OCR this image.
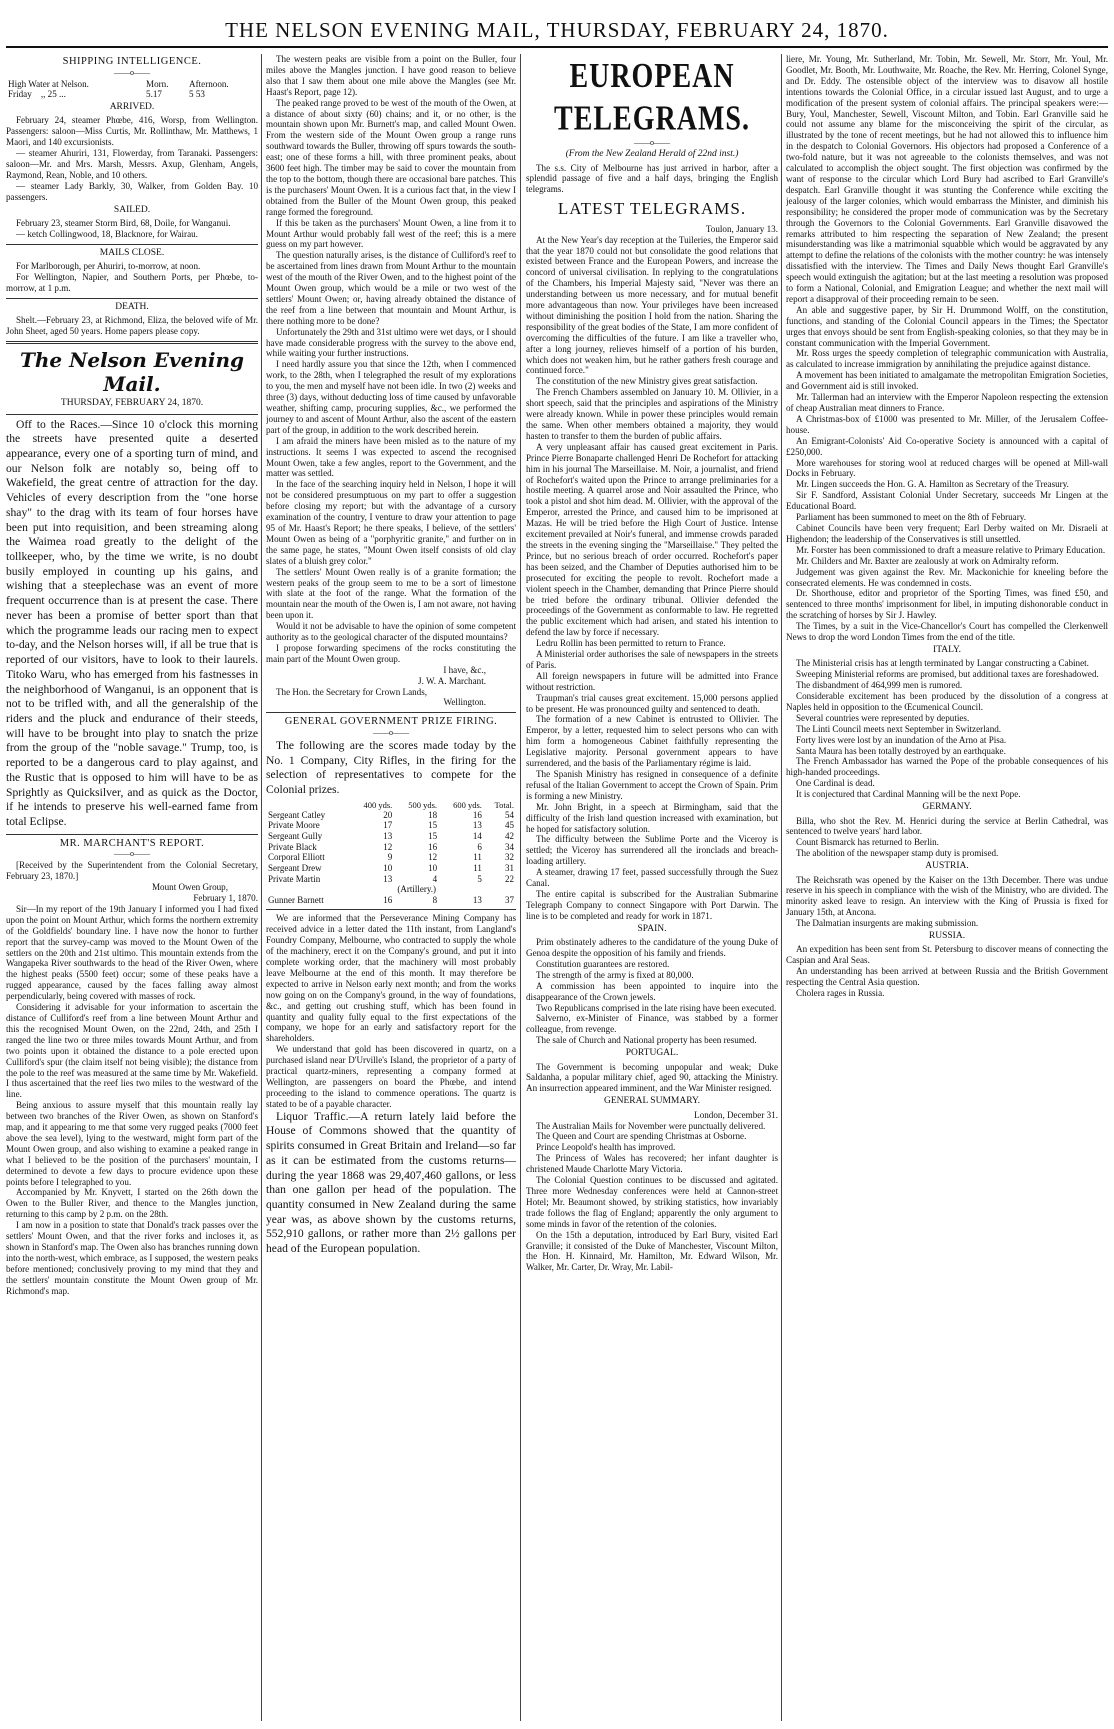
THE NELSON EVENING MAIL, THURSDAY, FEBRUARY 24, 1870.
SHIPPING INTELLIGENCE.
——o——
High Water at Nelson.	Morn.	Afternoon.
Friday ,, 25 ...	5.17	5 53
ARRIVED.

February 24, steamer Phœbe, 416, Worsp, from Wellington. Passengers: saloon—Miss Curtis, Mr. Rollinthaw, Mr. Matthews, 1 Maori, and 140 excursionists.

— steamer Ahuriri, 131, Flowerday, from Taranaki. Passengers: saloon—Mr. and Mrs. Marsh, Messrs. Axup, Glenham, Angels, Raymond, Rean, Noble, and 10 others.

— steamer Lady Barkly, 30, Walker, from Golden Bay. 10 passengers.

SAILED.

February 23, steamer Storm Bird, 68, Doile, for Wanganui.

— ketch Collingwood, 18, Blacknore, for Wairau.

MAILS CLOSE.

For Marlborough, per Ahuriri, to-morrow, at noon.

For Wellington, Napier, and Southern Ports, per Phœbe, to-morrow, at 1 p.m.

DEATH.

Shelt.—February 23, at Richmond, Eliza, the beloved wife of Mr. John Sheet, aged 50 years. Home papers please copy.

The Nelson Evening Mail.
THURSDAY, FEBRUARY 24, 1870.

Off to the Races.—Since 10 o'clock this morning the streets have presented quite a deserted appearance, every one of a sporting turn of mind, and our Nelson folk are notably so, being off to Wakefield, the great centre of attraction for the day. Vehicles of every description from the "one horse shay" to the drag with its team of four horses have been put into requisition, and been streaming along the Waimea road greatly to the delight of the tollkeeper, who, by the time we write, is no doubt busily employed in counting up his gains, and wishing that a steeplechase was an event of more frequent occurrence than is at present the case. There never has been a promise of better sport than that which the programme leads our racing men to expect to-day, and the Nelson horses will, if all be true that is reported of our visitors, have to look to their laurels. Titoko Waru, who has emerged from his fastnesses in the neighborhood of Wanganui, is an opponent that is not to be trifled with, and all the generalship of the riders and the pluck and endurance of their steeds, will have to be brought into play to snatch the prize from the group of the "noble savage." Trump, too, is reported to be a dangerous card to play against, and the Rustic that is opposed to him will have to be as Sprightly as Quicksilver, and as quick as the Doctor, if he intends to preserve his well-earned fame from total Eclipse.

MR. MARCHANT'S REPORT.
——o——

[Received by the Superintendent from the Colonial Secretary, February 23, 1870.]

Mount Owen Group,
February 1, 1870.

Sir—In my report of the 19th January I informed you I had fixed upon the point on Mount Arthur, which forms the northern extremity of the Goldfields' boundary line. I have now the honor to further report that the survey-camp was moved to the Mount Owen of the settlers on the 20th and 21st ultimo. This mountain extends from the Wangapeka River southwards to the head of the River Owen, where the highest peaks (5500 feet) occur; some of these peaks have a rugged appearance, caused by the faces falling away almost perpendicularly, being covered with masses of rock.

Considering it advisable for your information to ascertain the distance of Culliford's reef from a line between Mount Arthur and this the recognised Mount Owen, on the 22nd, 24th, and 25th I ranged the line two or three miles towards Mount Arthur, and from two points upon it obtained the distance to a pole erected upon Culliford's spur (the claim itself not being visible); the distance from the pole to the reef was measured at the same time by Mr. Wakefield. I thus ascertained that the reef lies two miles to the westward of the line.

Being anxious to assure myself that this mountain really lay between two branches of the River Owen, as shown on Stanford's map, and it appearing to me that some very rugged peaks (7000 feet above the sea level), lying to the westward, might form part of the Mount Owen group, and also wishing to examine a peaked range in what I believed to be the position of the purchasers' mountain, I determined to devote a few days to procure evidence upon these points before I telegraphed to you.

Accompanied by Mr. Knyvett, I started on the 26th down the Owen to the Buller River, and thence to the Mangles junction, returning to this camp by 2 p.m. on the 28th.

I am now in a position to state that Donald's track passes over the settlers' Mount Owen, and that the river forks and incloses it, as shown in Stanford's map. The Owen also has branches running down into the north-west, which embrace, as I supposed, the western peaks before mentioned; conclusively proving to my mind that they and the settlers' mountain constitute the Mount Owen group of Mr. Richmond's map.

The western peaks are visible from a point on the Buller, four miles above the Mangles junction. I have good reason to believe also that I saw them about one mile above the Mangles (see Mr. Haast's Report, page 12).

The peaked range proved to be west of the mouth of the Owen, at a distance of about sixty (60) chains; and it, or no other, is the mountain shown upon Mr. Burnett's map, and called Mount Owen. From the western side of the Mount Owen group a range runs southward towards the Buller, throwing off spurs towards the south-east; one of these forms a hill, with three prominent peaks, about 3600 feet high. The timber may be said to cover the mountain from the top to the bottom, though there are occasional bare patches. This is the purchasers' Mount Owen. It is a curious fact that, in the view I obtained from the Buller of the Mount Owen group, this peaked range formed the foreground.

If this be taken as the purchasers' Mount Owen, a line from it to Mount Arthur would probably fall west of the reef; this is a mere guess on my part however.

The question naturally arises, is the distance of Culliford's reef to be ascertained from lines drawn from Mount Arthur to the mountain west of the mouth of the River Owen, and to the highest point of the Mount Owen group, which would be a mile or two west of the settlers' Mount Owen; or, having already obtained the distance of the reef from a line between that mountain and Mount Arthur, is there nothing more to be done?

Unfortunately the 29th and 31st ultimo were wet days, or I should have made considerable progress with the survey to the above end, while waiting your further instructions.

I need hardly assure you that since the 12th, when I commenced work, to the 28th, when I telegraphed the result of my explorations to you, the men and myself have not been idle. In two (2) weeks and three (3) days, without deducting loss of time caused by unfavorable weather, shifting camp, procuring supplies, &c., we performed the journey to and ascent of Mount Arthur, also the ascent of the eastern part of the group, in addition to the work described herein.

I am afraid the miners have been misled as to the nature of my instructions. It seems I was expected to ascend the recognised Mount Owen, take a few angles, report to the Government, and the matter was settled.

In the face of the searching inquiry held in Nelson, I hope it will not be considered presumptuous on my part to offer a suggestion before closing my report; but with the advantage of a cursory examination of the country, I venture to draw your attention to page 95 of Mr. Haast's Report; he there speaks, I believe, of the settlers' Mount Owen as being of a "porphyritic granite," and further on in the same page, he states, "Mount Owen itself consists of old clay slates of a bluish grey color."

The settlers' Mount Owen really is of a granite formation; the western peaks of the group seem to me to be a sort of limestone with slate at the foot of the range. What the formation of the mountain near the mouth of the Owen is, I am not aware, not having been upon it.

Would it not be advisable to have the opinion of some competent authority as to the geological character of the disputed mountains?

I propose forwarding specimens of the rocks constituting the main part of the Mount Owen group.

I have, &c.,
J. W. A. Marchant.

The Hon. the Secretary for Crown Lands,

Wellington.
GENERAL GOVERNMENT PRIZE FIRING.
——o——

The following are the scores made today by the No. 1 Company, City Rifles, in the firing for the selection of representatives to compete for the Colonial prizes.

	400 yds.	500 yds.	600 yds.	Total.
Sergeant Catley	20	18	16	54
Private Moore	17	15	13	45
Sergeant Gully	13	15	14	42
Private Black	12	16	6	34
Corporal Elliott	9	12	11	32
Sergeant Drew	10	10	11	31
Private Martin	13	4	5	22
	(Artillery.)			
Gunner Barnett	16	8	13	37

We are informed that the Perseverance Mining Company has received advice in a letter dated the 11th instant, from Langland's Foundry Company, Melbourne, who contracted to supply the whole of the machinery, erect it on the Company's ground, and put it into complete working order, that the machinery will most probably leave Melbourne at the end of this month. It may therefore be expected to arrive in Nelson early next month; and from the works now going on on the Company's ground, in the way of foundations, &c., and getting out crushing stuff, which has been found in quantity and quality fully equal to the first expectations of the company, we hope for an early and satisfactory report for the shareholders.

We understand that gold has been discovered in quartz, on a purchased island near D'Urville's Island, the proprietor of a party of practical quartz-miners, representing a company formed at Wellington, are passengers on board the Phœbe, and intend proceeding to the island to commence operations. The quartz is stated to be of a payable character.

Liquor Traffic.—A return lately laid before the House of Commons showed that the quantity of spirits consumed in Great Britain and Ireland—so far as it can be estimated from the customs returns—during the year 1868 was 29,407,460 gallons, or less than one gallon per head of the population. The quantity consumed in New Zealand during the same year was, as above shown by the customs returns, 552,910 gallons, or rather more than 2½ gallons per head of the European population.

EUROPEAN TELEGRAMS.
——o——
(From the New Zealand Herald of 22nd inst.)

The s.s. City of Melbourne has just arrived in harbor, after a splendid passage of five and a half days, bringing the English telegrams.

LATEST TELEGRAMS.
Toulon, January 13.

At the New Year's day reception at the Tuileries, the Emperor said that the year 1870 could not but consolidate the good relations that existed between France and the European Powers, and increase the concord of universal civilisation. In replying to the congratulations of the Chambers, his Imperial Majesty said, "Never was there an understanding between us more necessary, and for mutual benefit more advantageous than now. Your privileges have been increased without diminishing the position I hold from the nation. Sharing the responsibility of the great bodies of the State, I am more confident of overcoming the difficulties of the future. I am like a traveller who, after a long journey, relieves himself of a portion of his burden, which does not weaken him, but he rather gathers fresh courage and continued force."

The constitution of the new Ministry gives great satisfaction.

The French Chambers assembled on January 10. M. Ollivier, in a short speech, said that the principles and aspirations of the Ministry were already known. While in power these principles would remain the same. When other members obtained a majority, they would hasten to transfer to them the burden of public affairs.

A very unpleasant affair has caused great excitement in Paris. Prince Pierre Bonaparte challenged Henri De Rochefort for attacking him in his journal The Marseillaise. M. Noir, a journalist, and friend of Rochefort's waited upon the Prince to arrange preliminaries for a hostile meeting. A quarrel arose and Noir assaulted the Prince, who took a pistol and shot him dead. M. Ollivier, with the approval of the Emperor, arrested the Prince, and caused him to be imprisoned at Mazas. He will be tried before the High Court of Justice. Intense excitement prevailed at Noir's funeral, and immense crowds paraded the streets in the evening singing the "Marseillaise." They pelted the Prince, but no serious breach of order occurred. Rochefort's paper has been seized, and the Chamber of Deputies authorised him to be prosecuted for exciting the people to revolt. Rochefort made a violent speech in the Chamber, demanding that Prince Pierre should be tried before the ordinary tribunal. Ollivier defended the proceedings of the Government as conformable to law. He regretted the public excitement which had arisen, and stated his intention to defend the law by force if necessary.

Ledru Rollin has been permitted to return to France.

A Ministerial order authorises the sale of newspapers in the streets of Paris.

All foreign newspapers in future will be admitted into France without restriction.

Traupman's trial causes great excitement. 15,000 persons applied to be present. He was pronounced guilty and sentenced to death.

The formation of a new Cabinet is entrusted to Ollivier. The Emperor, by a letter, requested him to select persons who can with him form a homogeneous Cabinet faithfully representing the Legislative majority. Personal government appears to have surrendered, and the basis of the Parliamentary régime is laid.

The Spanish Ministry has resigned in consequence of a definite refusal of the Italian Government to accept the Crown of Spain. Prim is forming a new Ministry.

Mr. John Bright, in a speech at Birmingham, said that the difficulty of the Irish land question increased with examination, but he hoped for satisfactory solution.

The difficulty between the Sublime Porte and the Viceroy is settled; the Viceroy has surrendered all the ironclads and breach-loading artillery.

A steamer, drawing 17 feet, passed successfully through the Suez Canal.

The entire capital is subscribed for the Australian Submarine Telegraph Company to connect Singapore with Port Darwin. The line is to be completed and ready for work in 1871.

SPAIN.

Prim obstinately adheres to the candidature of the young Duke of Genoa despite the opposition of his family and friends.

Constitution guarantees are restored.

The strength of the army is fixed at 80,000.

A commission has been appointed to inquire into the disappearance of the Crown jewels.

Two Republicans comprised in the late rising have been executed.

Salverno, ex-Minister of Finance, was stabbed by a former colleague, from revenge.

The sale of Church and National property has been resumed.

PORTUGAL.

The Government is becoming unpopular and weak; Duke Saldanha, a popular military chief, aged 90, attacking the Ministry. An insurrection appeared imminent, and the War Minister resigned.

GENERAL SUMMARY.
London, December 31.

The Australian Mails for November were punctually delivered.

The Queen and Court are spending Christmas at Osborne.

Prince Leopold's health has improved.

The Princess of Wales has recovered; her infant daughter is christened Maude Charlotte Mary Victoria.

The Colonial Question continues to be discussed and agitated. Three more Wednesday conferences were held at Cannon-street Hotel; Mr. Beaumont showed, by striking statistics, how invariably trade follows the flag of England; apparently the only argument to some minds in favor of the retention of the colonies.

On the 15th a deputation, introduced by Earl Bury, visited Earl Granville; it consisted of the Duke of Manchester, Viscount Milton, the Hon. H. Kinnaird, Mr. Hamilton, Mr. Edward Wilson, Mr. Walker, Mr. Carter, Dr. Wray, Mr. Labil-

liere, Mr. Young, Mr. Sutherland, Mr. Tobin, Mr. Sewell, Mr. Storr, Mr. Youl, Mr. Goodlet, Mr. Booth, Mr. Louthwaite, Mr. Roache, the Rev. Mr. Herring, Colonel Synge, and Dr. Eddy. The ostensible object of the interview was to disavow all hostile intentions towards the Colonial Office, in a circular issued last August, and to urge a modification of the present system of colonial affairs. The principal speakers were:—Bury, Youl, Manchester, Sewell, Viscount Milton, and Tobin. Earl Granville said he could not assume any blame for the misconceiving the spirit of the circular, as illustrated by the tone of recent meetings, but he had not allowed this to influence him in the despatch to Colonial Governors. His objectors had proposed a Conference of a two-fold nature, but it was not agreeable to the colonists themselves, and was not calculated to accomplish the object sought. The first objection was confirmed by the want of response to the circular which Lord Bury had ascribed to Earl Granville's despatch. Earl Granville thought it was stunting the Conference while exciting the jealousy of the larger colonies, which would embarrass the Minister, and diminish his responsibility; he considered the proper mode of communication was by the Secretary through the Governors to the Colonial Governments. Earl Granville disavowed the remarks attributed to him respecting the separation of New Zealand; the present misunderstanding was like a matrimonial squabble which would be aggravated by any attempt to define the relations of the colonists with the mother country: he was intensely dissatisfied with the interview. The Times and Daily News thought Earl Granville's speech would extinguish the agitation; but at the last meeting a resolution was proposed to form a National, Colonial, and Emigration League; and whether the next mail will report a disapproval of their proceeding remain to be seen.

An able and suggestive paper, by Sir H. Drummond Wolff, on the constitution, functions, and standing of the Colonial Council appears in the Times; the Spectator urges that envoys should be sent from English-speaking colonies, so that they may be in constant communication with the Imperial Government.

Mr. Ross urges the speedy completion of telegraphic communication with Australia, as calculated to increase immigration by annihilating the prejudice against distance.

A movement has been initiated to amalgamate the metropolitan Emigration Societies, and Government aid is still invoked.

Mr. Tallerman had an interview with the Emperor Napoleon respecting the extension of cheap Australian meat dinners to France.

A Christmas-box of £1000 was presented to Mr. Miller, of the Jerusalem Coffee-house.

An Emigrant-Colonists' Aid Co-operative Society is announced with a capital of £250,000.

More warehouses for storing wool at reduced charges will be opened at Mill-wall Docks in February.

Mr. Lingen succeeds the Hon. G. A. Hamilton as Secretary of the Treasury.

Sir F. Sandford, Assistant Colonial Under Secretary, succeeds Mr Lingen at the Educational Board.

Parliament has been summoned to meet on the 8th of February.

Cabinet Councils have been very frequent; Earl Derby waited on Mr. Disraeli at Highendon; the leadership of the Conservatives is still unsettled.

Mr. Forster has been commissioned to draft a measure relative to Primary Education.

Mr. Childers and Mr. Baxter are zealously at work on Admiralty reform.

Judgement was given against the Rev. Mr. Mackonichie for kneeling before the consecrated elements. He was condemned in costs.

Dr. Shorthouse, editor and proprietor of the Sporting Times, was fined £50, and sentenced to three months' imprisonment for libel, in imputing dishonorable conduct in the scratching of horses by Sir J. Hawley.

The Times, by a suit in the Vice-Chancellor's Court has compelled the Clerkenwell News to drop the word London Times from the end of the title.

ITALY.

The Ministerial crisis has at length terminated by Langar constructing a Cabinet.

Sweeping Ministerial reforms are promised, but additional taxes are foreshadowed.

The disbandment of 464,999 men is rumored.

Considerable excitement has been produced by the dissolution of a congress at Naples held in opposition to the Œcumenical Council.

Several countries were represented by deputies.

The Linti Council meets next September in Switzerland.

Forty lives were lost by an inundation of the Arno at Pisa.

Santa Maura has been totally destroyed by an earthquake.

The French Ambassador has warned the Pope of the probable consequences of his high-handed proceedings.

One Cardinal is dead.

It is conjectured that Cardinal Manning will be the next Pope.

GERMANY.

Billa, who shot the Rev. M. Henrici during the service at Berlin Cathedral, was sentenced to twelve years' hard labor.

Count Bismarck has returned to Berlin.

The abolition of the newspaper stamp duty is promised.

AUSTRIA.

The Reichsrath was opened by the Kaiser on the 13th December. There was undue reserve in his speech in compliance with the wish of the Ministry, who are divided. The minority asked leave to resign. An interview with the King of Prussia is fixed for January 15th, at Ancona.

The Dalmatian insurgents are making submission.

RUSSIA.

An expedition has been sent from St. Petersburg to discover means of connecting the Caspian and Aral Seas.

An understanding has been arrived at between Russia and the British Government respecting the Central Asia question.

Cholera rages in Russia.
